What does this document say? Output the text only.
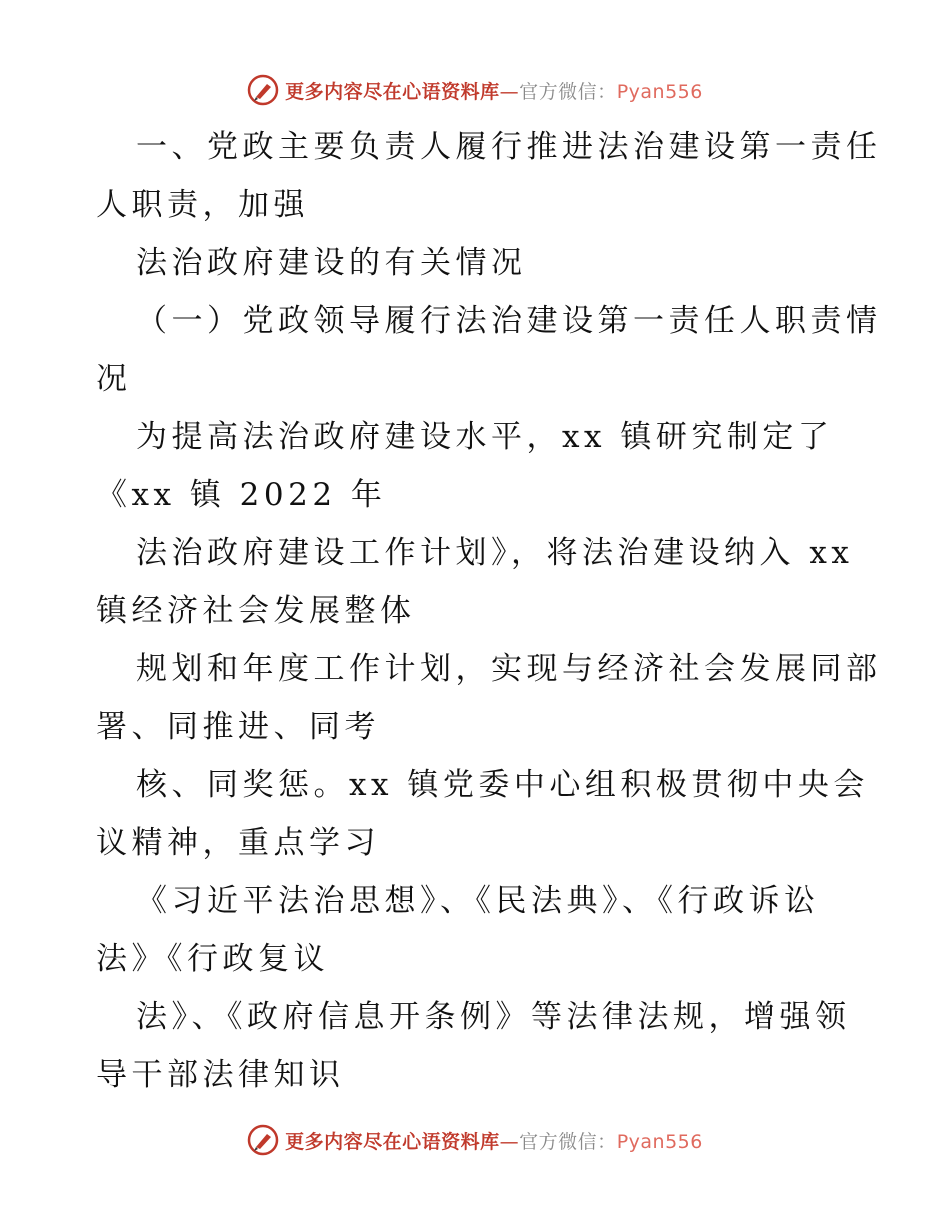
更多内容尽在心语资料库—官方微信：Pyan556
一、党政主要负责人履行推进法治建设第一责任
人职责，加强
法治政府建设的有关情况
（一）党政领导履行法治建设第一责任人职责情
况
为提高法治政府建设水平，xx 镇研究制定了
《xx 镇 2022 年
法治政府建设工作计划》，将法治建设纳入 xx
镇经济社会发展整体
规划和年度工作计划，实现与经济社会发展同部
署、同推进、同考
核、同奖惩。xx 镇党委中心组积极贯彻中央会
议精神，重点学习
《习近平法治思想》、《民法典》、《行政诉讼
法》《行政复议
法》、《政府信息开条例》等法律法规，增强领
导干部法律知识
更多内容尽在心语资料库—官方微信：Pyan556
